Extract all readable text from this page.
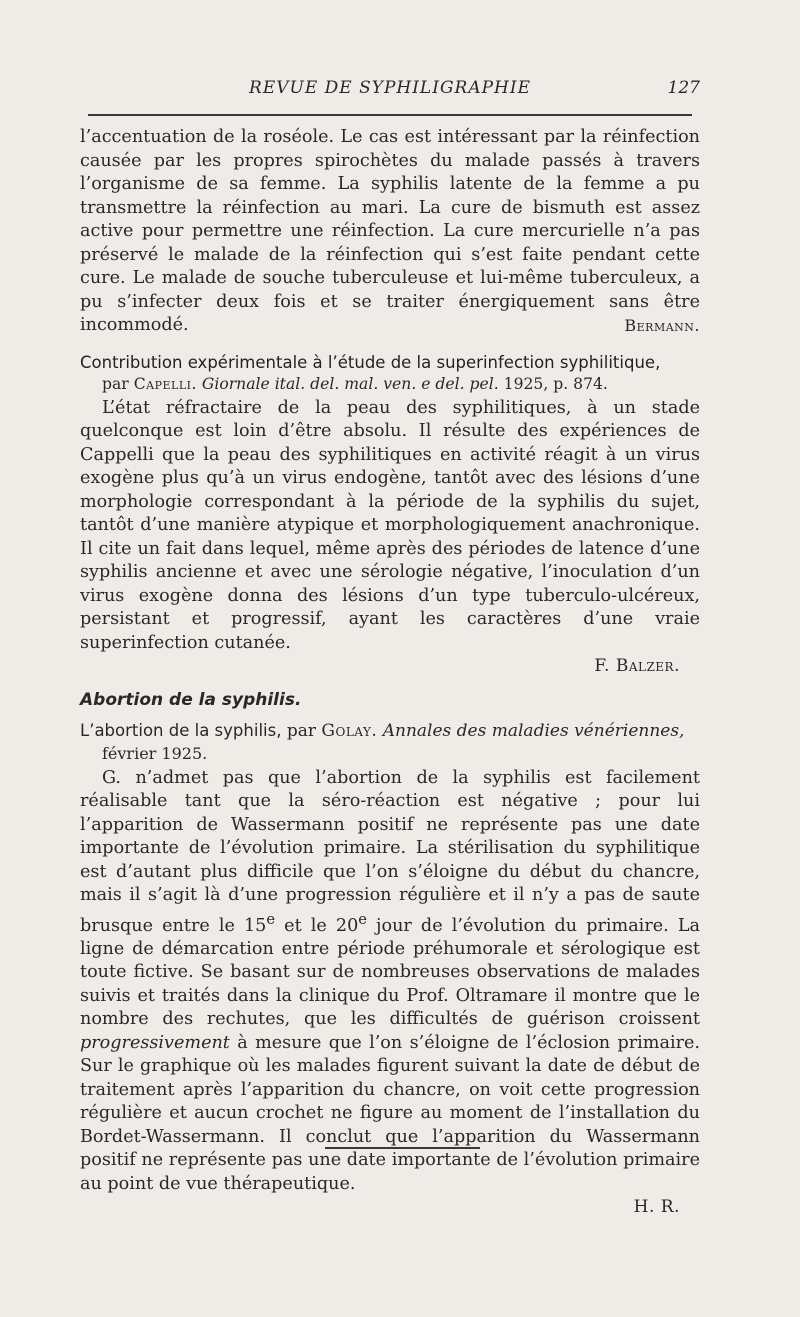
REVUE DE SYPHILIGRAPHIE	127

l’accentuation de la roséole. Le cas est intéressant par la réinfection causée par les propres spirochètes du malade passés à travers l’organisme de sa femme. La syphilis latente de la femme a pu transmettre la réinfection au mari. La cure de bismuth est assez active pour permettre une réinfection. La cure mercurielle n’a pas préservé le malade de la réinfection qui s’est faite pendant cette cure. Le malade de souche tuberculeuse et lui-même tuberculeux, a pu s’infecter deux fois et se traiter énergiquement sans être incommodé.	Bermann.

Contribution expérimentale à l’étude de la superinfection syphilitique,
par Capelli. Giornale ital. del. mal. ven. e del. pel. 1925, p. 874.

L’état réfractaire de la peau des syphilitiques, à un stade quelconque est loin d’être absolu. Il résulte des expériences de Cappelli que la peau des syphilitiques en activité réagit à un virus exogène plus qu’à un virus endogène, tantôt avec des lésions d’une morphologie correspondant à la période de la syphilis du sujet, tantôt d’une manière atypique et morphologiquement anachronique. Il cite un fait dans lequel, même après des périodes de latence d’une syphilis ancienne et avec une sérologie négative, l’inoculation d’un virus exogène donna des lésions d’un type tuberculo-ulcéreux, persistant et progressif, ayant les caractères d’une vraie superinfection cutanée.

F. Balzer.
Abortion de la syphilis.
L’abortion de la syphilis, par Golay. Annales des maladies vénériennes,
février 1925.

G. n’admet pas que l’abortion de la syphilis est facilement réalisable tant que la séro-réaction est négative ; pour lui l’apparition de Wassermann positif ne représente pas une date importante de l’évolution primaire. La stérilisation du syphilitique est d’autant plus difficile que l’on s’éloigne du début du chancre, mais il s’agit là d’une progression régulière et il n’y a pas de saute brusque entre le 15e et le 20e jour de l’évolution du primaire. La ligne de démarcation entre période préhumorale et sérologique est toute fictive. Se basant sur de nombreuses observations de malades suivis et traités dans la clinique du Prof. Oltramare il montre que le nombre des rechutes, que les difficultés de guérison croissent progressivement à mesure que l’on s’éloigne de l’éclosion primaire. Sur le graphique où les malades figurent suivant la date de début de traitement après l’apparition du chancre, on voit cette progression régulière et aucun crochet ne figure au moment de l’installation du Bordet-Wassermann. Il conclut que l’apparition du Wassermann positif ne représente pas une date importante de l’évolution primaire au point de vue thérapeutique.

H. R.
